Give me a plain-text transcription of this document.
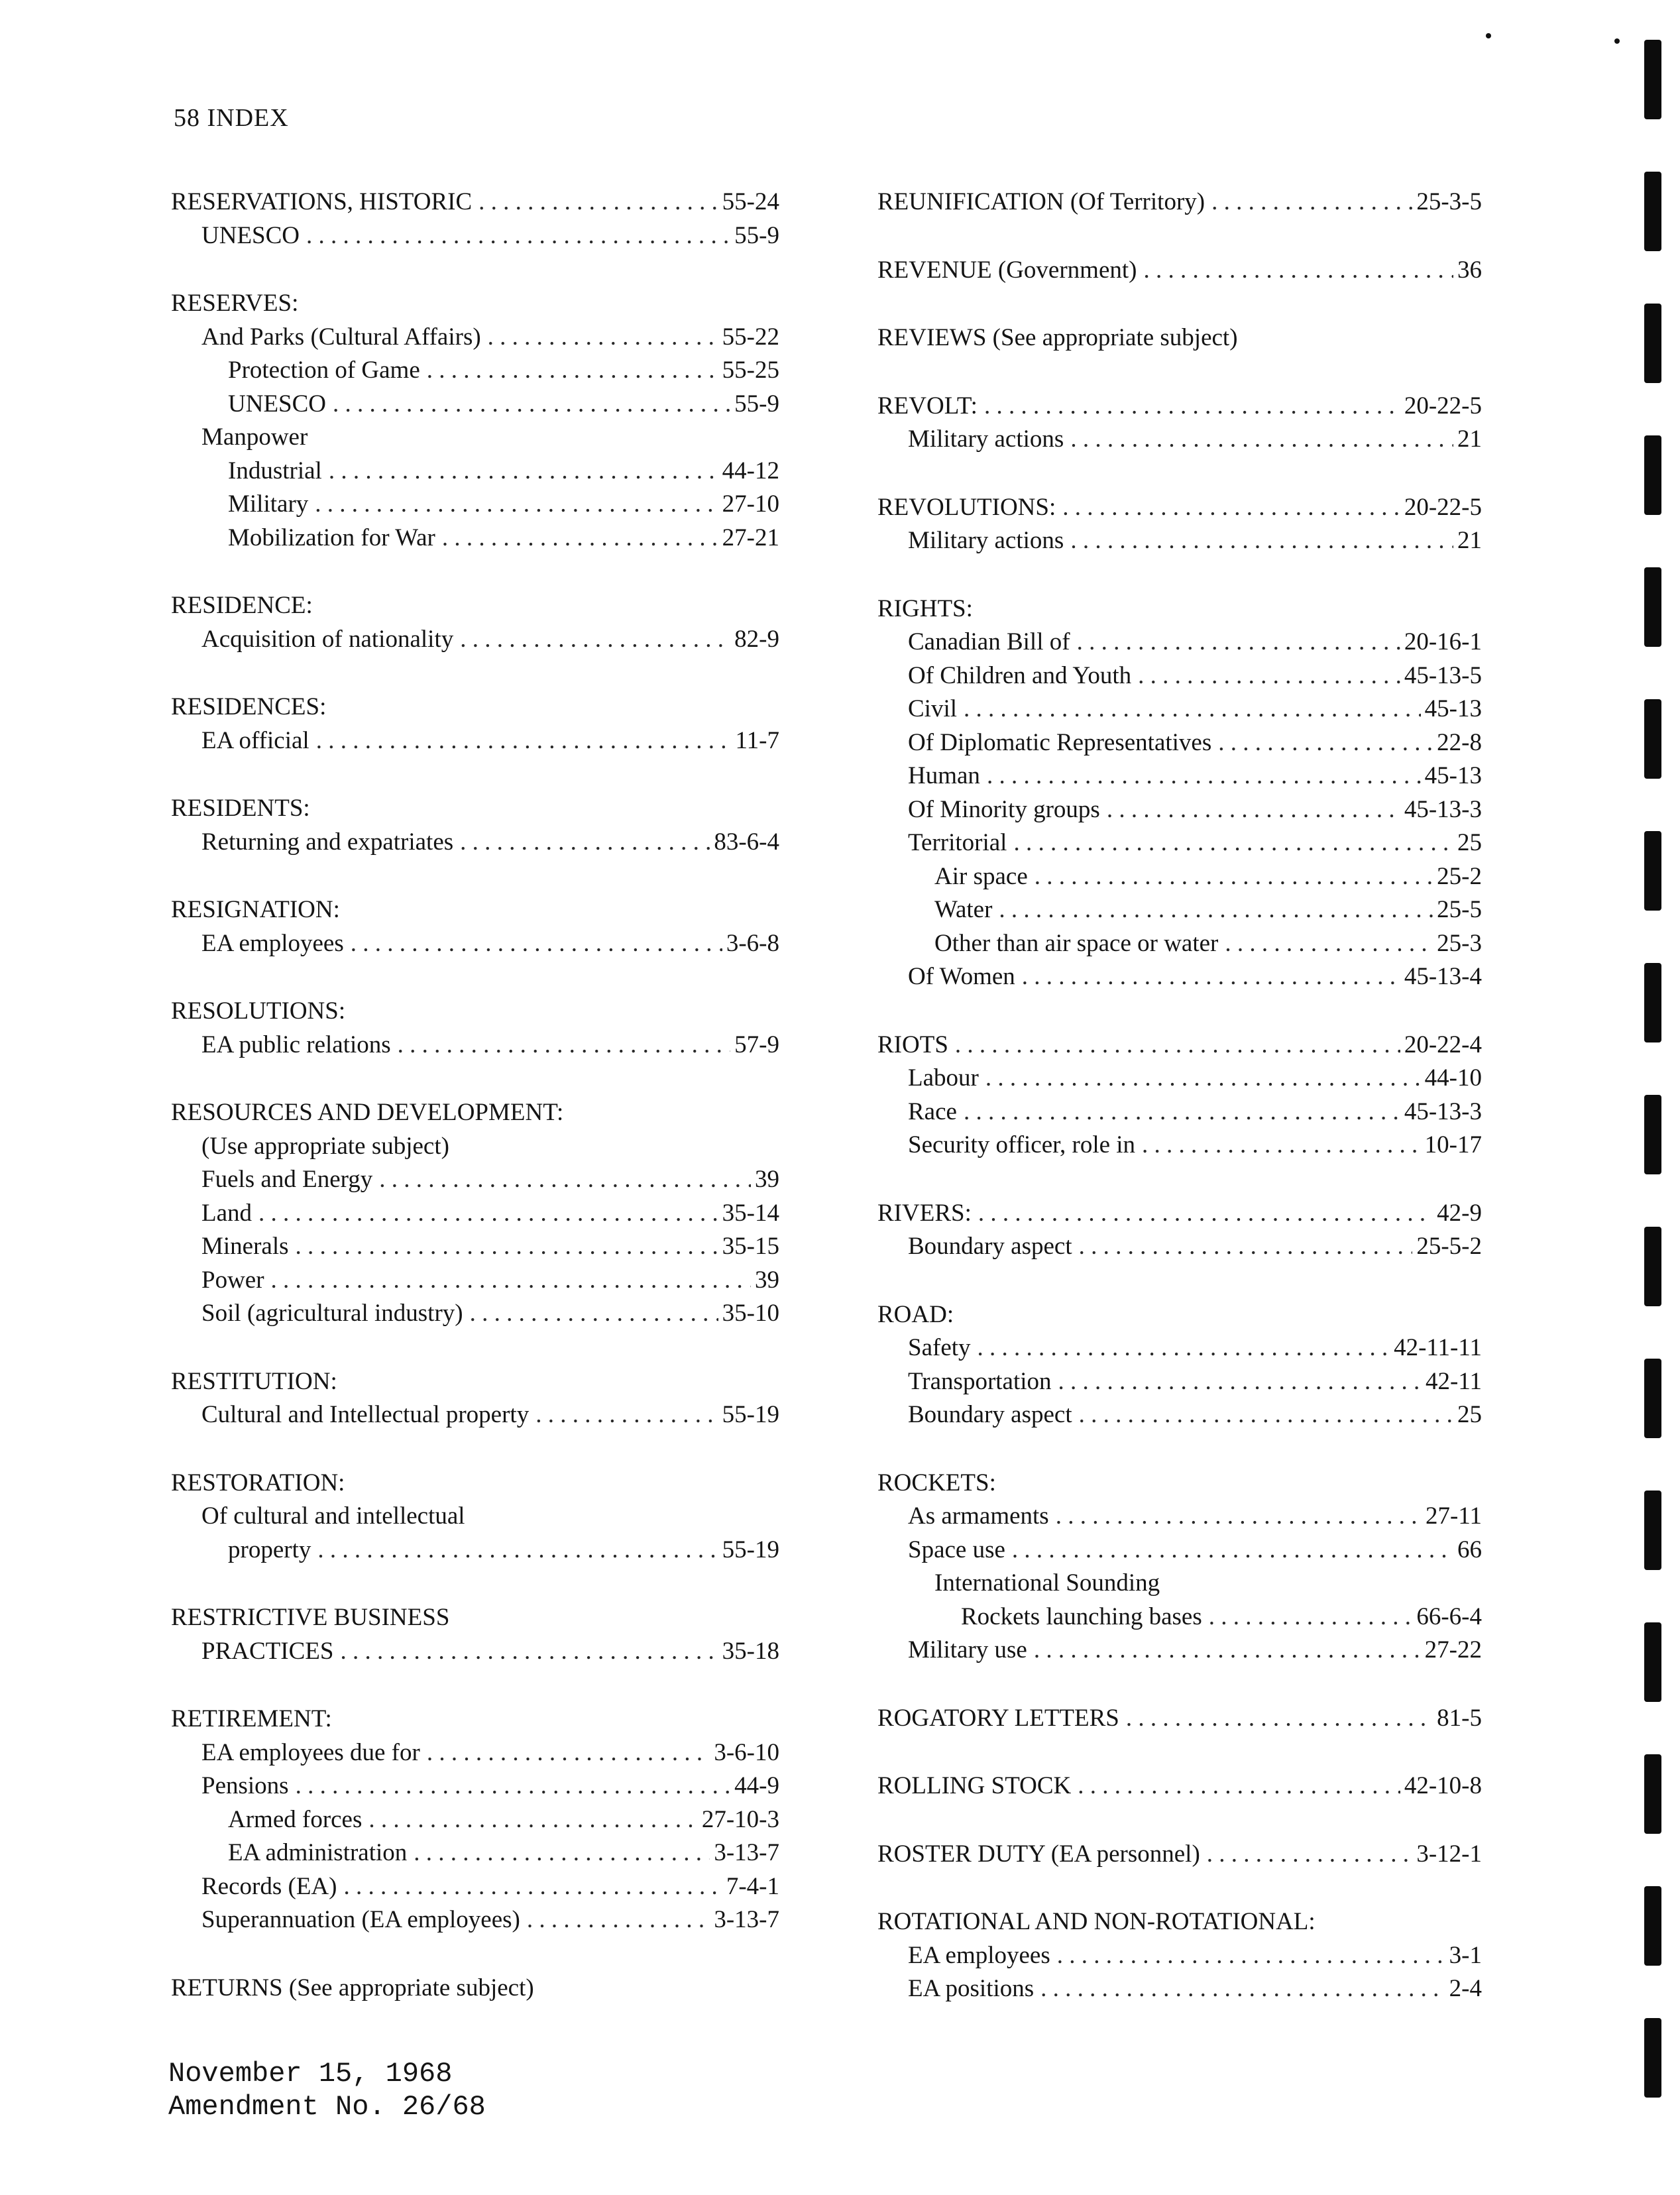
58 INDEX
RESERVATIONS, HISTORIC . . .	55-24
UNESCO . . .	55-9
RESERVES:
And Parks (Cultural Affairs) . . .	55-22
Protection of Game . . .	55-25
UNESCO . . .	55-9
Manpower
Industrial . . .	44-12
Military . . .	27-10
Mobilization for War . . .	27-21
RESIDENCE:
Acquisition of nationality . . .	82-9
RESIDENCES:
EA official . . .	11-7
RESIDENTS:
Returning and expatriates . . .	83-6-4
RESIGNATION:
EA employees . . .	3-6-8
RESOLUTIONS:
EA public relations . . .	57-9
RESOURCES AND DEVELOPMENT:
(Use appropriate subject)
Fuels and Energy . . .	39
Land . . .	35-14
Minerals . . .	35-15
Power . . .	39
Soil (agricultural industry) . . .	35-10
RESTITUTION:
Cultural and Intellectual property . . .	55-19
RESTORATION:
Of cultural and intellectual
property . . .	55-19
RESTRICTIVE BUSINESS
PRACTICES . . .	35-18
RETIREMENT:
EA employees due for . . .	3-6-10
Pensions . . .	44-9
Armed forces . . .	27-10-3
EA administration . . .	3-13-7
Records (EA) . . .	7-4-1
Superannuation (EA employees) . . .	3-13-7
RETURNS (See appropriate subject)
REUNIFICATION (Of Territory) . . .	25-3-5
REVENUE (Government) . . .	36
REVIEWS (See appropriate subject)
REVOLT: . . .	20-22-5
Military actions . . .	21
REVOLUTIONS: . . .	20-22-5
Military actions . . .	21
RIGHTS:
Canadian Bill of . . .	20-16-1
Of Children and Youth . . .	45-13-5
Civil . . .	45-13
Of Diplomatic Representatives . . .	22-8
Human . . .	45-13
Of Minority groups . . .	45-13-3
Territorial . . .	25
Air space . . .	25-2
Water . . .	25-5
Other than air space or water . . .	25-3
Of Women . . .	45-13-4
RIOTS . . .	20-22-4
Labour . . .	44-10
Race . . .	45-13-3
Security officer, role in . . .	10-17
RIVERS: . . .	42-9
Boundary aspect . . .	25-5-2
ROAD:
Safety . . .	42-11-11
Transportation . . .	42-11
Boundary aspect . . .	25
ROCKETS:
As armaments . . .	27-11
Space use . . .	66
International Sounding
Rockets launching bases . . .	66-6-4
Military use . . .	27-22
ROGATORY LETTERS . . .	81-5
ROLLING STOCK . . .	42-10-8
ROSTER DUTY (EA personnel) . . .	3-12-1
ROTATIONAL AND NON-ROTATIONAL:
EA employees . . .	3-1
EA positions . . .	2-4
November 15, 1968
Amendment No. 26/68
